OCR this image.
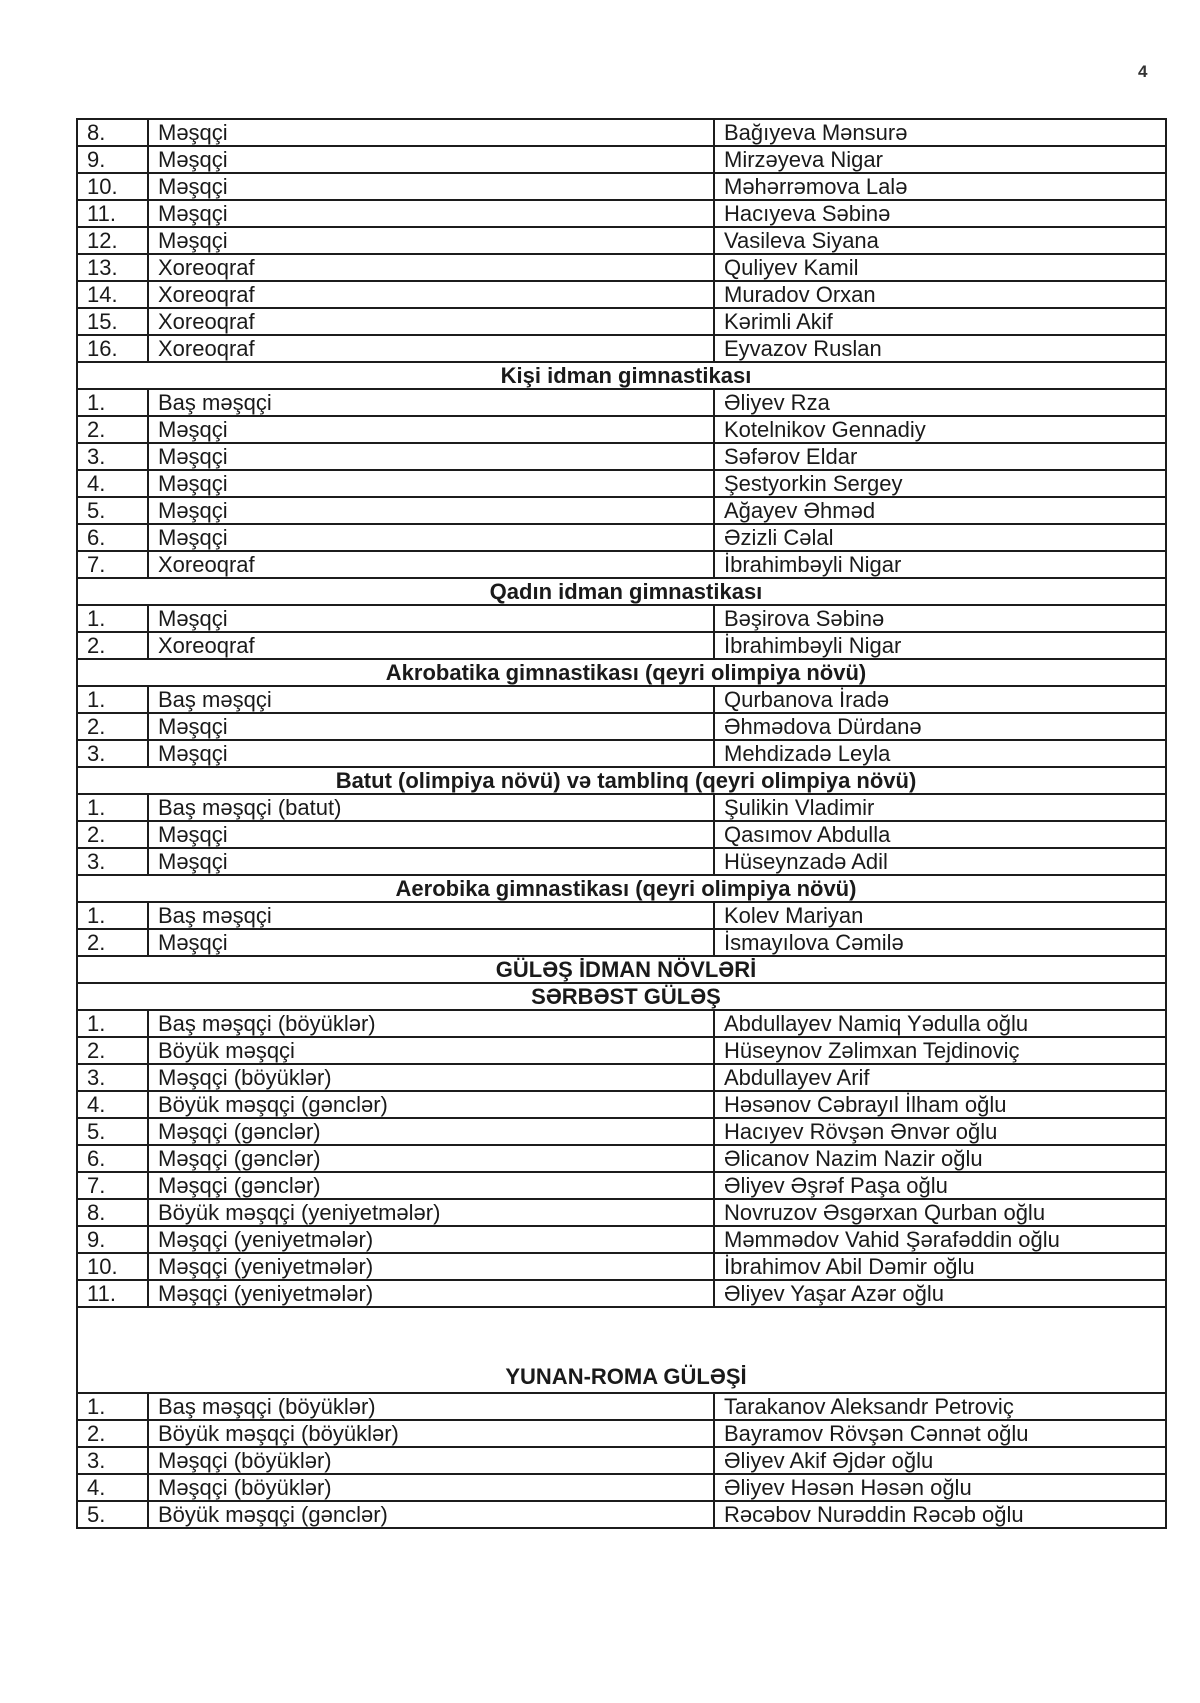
4
8.	Məşqçi	Bağıyeva Mənsurə
9.	Məşqçi	Mirzəyeva Nigar
10.	Məşqçi	Məhərrəmova Lalə
11.	Məşqçi	Hacıyeva Səbinə
12.	Məşqçi	Vasileva Siyana
13.	Xoreoqraf	Quliyev Kamil
14.	Xoreoqraf	Muradov Orxan
15.	Xoreoqraf	Kərimli Akif
16.	Xoreoqraf	Eyvazov Ruslan
Kişi idman gimnastikası		
1.	Baş məşqçi	Əliyev Rza
2.	Məşqçi	Kotelnikov Gennadiy
3.	Məşqçi	Səfərov Eldar
4.	Məşqçi	Şestyorkin Sergey
5.	Məşqçi	Ağayev Əhməd
6.	Məşqçi	Əzizli Cəlal
7.	Xoreoqraf	İbrahimbəyli Nigar
Qadın idman gimnastikası		
1.	Məşqçi	Bəşirova Səbinə
2.	Xoreoqraf	İbrahimbəyli Nigar
Akrobatika gimnastikası (qeyri olimpiya növü)		
1.	Baş məşqçi	Qurbanova İradə
2.	Məşqçi	Əhmədova Dürdanə
3.	Məşqçi	Mehdizadə Leyla
Batut (olimpiya növü) və tamblinq (qeyri olimpiya növü)		
1.	Baş məşqçi (batut)	Şulikin Vladimir
2.	Məşqçi	Qasımov Abdulla
3.	Məşqçi	Hüseynzadə Adil
Aerobika gimnastikası (qeyri olimpiya növü)		
1.	Baş məşqçi	Kolev Mariyan
2.	Məşqçi	İsmayılova Cəmilə
GÜLƏŞ İDMAN NÖVLƏRİ		
SƏRBƏST GÜLƏŞ		
1.	Baş məşqçi (böyüklər)	Abdullayev Namiq Yədulla oğlu
2.	Böyük məşqçi	Hüseynov Zəlimxan Tejdinoviç
3.	Məşqçi (böyüklər)	Abdullayev Arif
4.	Böyük məşqçi (gənclər)	Həsənov Cəbrayıl İlham oğlu
5.	Məşqçi (gənclər)	Hacıyev Rövşən Ənvər oğlu
6.	Məşqçi (gənclər)	Əlicanov Nazim Nazir oğlu
7.	Məşqçi (gənclər)	Əliyev Əşrəf Paşa oğlu
8.	Böyük məşqçi (yeniyetmələr)	Novruzov Əsgərxan Qurban oğlu
9.	Məşqçi (yeniyetmələr)	Məmmədov Vahid Şərafəddin oğlu
10.	Məşqçi (yeniyetmələr)	İbrahimov Abil Dəmir oğlu
11.	Məşqçi (yeniyetmələr)	Əliyev Yaşar Azər oğlu
YUNAN-ROMA GÜLƏŞİ		
1.	Baş məşqçi (böyüklər)	Tarakanov Aleksandr Petroviç
2.	Böyük məşqçi (böyüklər)	Bayramov Rövşən Cənnət oğlu
3.	Məşqçi (böyüklər)	Əliyev Akif Əjdər oğlu
4.	Məşqçi (böyüklər)	Əliyev Həsən Həsən oğlu
5.	Böyük məşqçi (gənclər)	Rəcəbov Nurəddin Rəcəb oğlu
